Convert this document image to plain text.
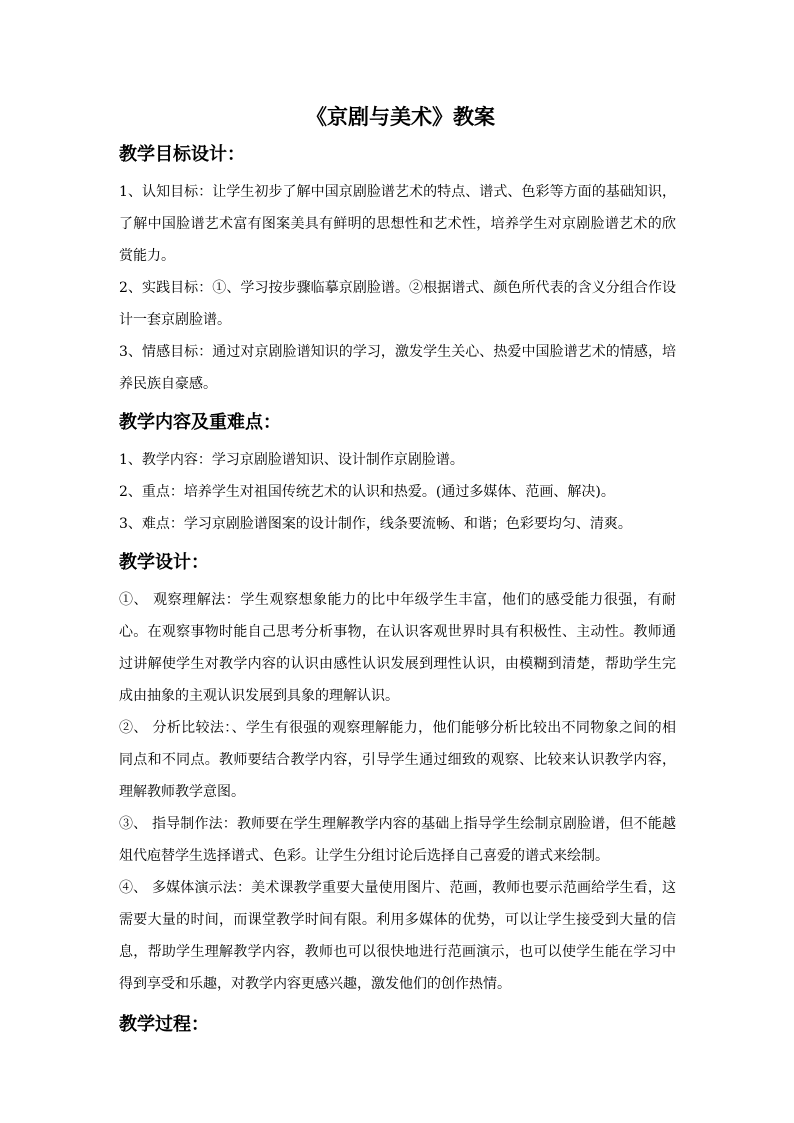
《京剧与美术》教案
教学目标设计：

1、认知目标：让学生初步了解中国京剧脸谱艺术的特点、谱式、色彩等方面的基础知识，了解中国脸谱艺术富有图案美具有鲜明的思想性和艺术性，培养学生对京剧脸谱艺术的欣赏能力。

2、实践目标：①、学习按步骤临摹京剧脸谱。②根据谱式、颜色所代表的含义分组合作设计一套京剧脸谱。

3、情感目标：通过对京剧脸谱知识的学习，激发学生关心、热爱中国脸谱艺术的情感，培养民族自豪感。

教学内容及重难点：

1、教学内容：学习京剧脸谱知识、设计制作京剧脸谱。

2、重点：培养学生对祖国传统艺术的认识和热爱。(通过多媒体、范画、解决)。

3、难点：学习京剧脸谱图案的设计制作，线条要流畅、和谐；色彩要均匀、清爽。

教学设计：

①、 观察理解法：学生观察想象能力的比中年级学生丰富，他们的感受能力很强，有耐心。在观察事物时能自己思考分析事物，在认识客观世界时具有积极性、主动性。教师通过讲解使学生对教学内容的认识由感性认识发展到理性认识，由模糊到清楚，帮助学生完成由抽象的主观认识发展到具象的理解认识。

②、 分析比较法：、学生有很强的观察理解能力，他们能够分析比较出不同物象之间的相同点和不同点。教师要结合教学内容，引导学生通过细致的观察、比较来认识教学内容，理解教师教学意图。

③、 指导制作法：教师要在学生理解教学内容的基础上指导学生绘制京剧脸谱，但不能越俎代庖替学生选择谱式、色彩。让学生分组讨论后选择自己喜爱的谱式来绘制。

④、 多媒体演示法：美术课教学重要大量使用图片、范画，教师也要示范画给学生看，这需要大量的时间，而课堂教学时间有限。利用多媒体的优势，可以让学生接受到大量的信息，帮助学生理解教学内容，教师也可以很快地进行范画演示，也可以使学生能在学习中得到享受和乐趣，对教学内容更感兴趣，激发他们的创作热情。

教学过程：
